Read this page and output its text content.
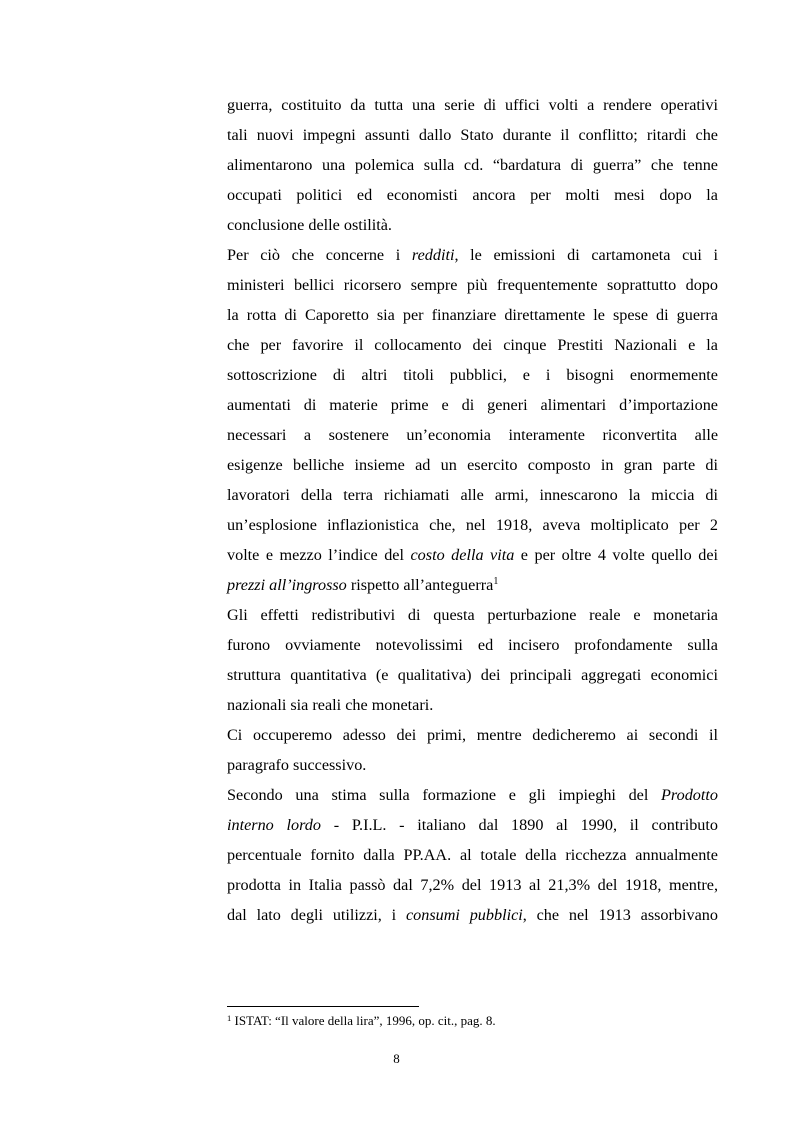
guerra, costituito da tutta una serie di uffici volti a rendere operativi
tali nuovi impegni assunti dallo Stato durante il conflitto; ritardi che
alimentarono una polemica sulla cd. “bardatura di guerra” che tenne
occupati politici ed economisti ancora per molti mesi dopo la
conclusione delle ostilità.
Per ciò che concerne i redditi, le emissioni di cartamoneta cui i
ministeri bellici ricorsero sempre più frequentemente soprattutto dopo
la rotta di Caporetto sia per finanziare direttamente le spese di guerra
che per favorire il collocamento dei cinque Prestiti Nazionali e la
sottoscrizione di altri titoli pubblici, e i bisogni enormemente
aumentati di materie prime e di generi alimentari d’importazione
necessari a sostenere un’economia interamente riconvertita alle
esigenze belliche insieme ad un esercito composto in gran parte di
lavoratori della terra richiamati alle armi, innescarono la miccia di
un’esplosione inflazionistica che, nel 1918, aveva moltiplicato per 2
volte e mezzo l’indice del costo della vita e per oltre 4 volte quello dei
prezzi all’ingrosso rispetto all’anteguerra$^1$
Gli effetti redistributivi di questa perturbazione reale e monetaria
furono ovviamente notevolissimi ed incisero profondamente sulla
struttura quantitativa (e qualitativa) dei principali aggregati economici
nazionali sia reali che monetari.
Ci occuperemo adesso dei primi, mentre dedicheremo ai secondi il
paragrafo successivo.
Secondo una stima sulla formazione e gli impieghi del Prodotto
interno lordo - P.I.L. - italiano dal 1890 al 1990, il contributo
percentuale fornito dalla PP.AA. al totale della ricchezza annualmente
prodotta in Italia passò dal 7,2% del 1913 al 21,3% del 1918, mentre,
dal lato degli utilizzi, i consumi pubblici, che nel 1913 assorbivano
$^1$ ISTAT: “Il valore della lira”, 1996, op. cit., pag. 8.
8
